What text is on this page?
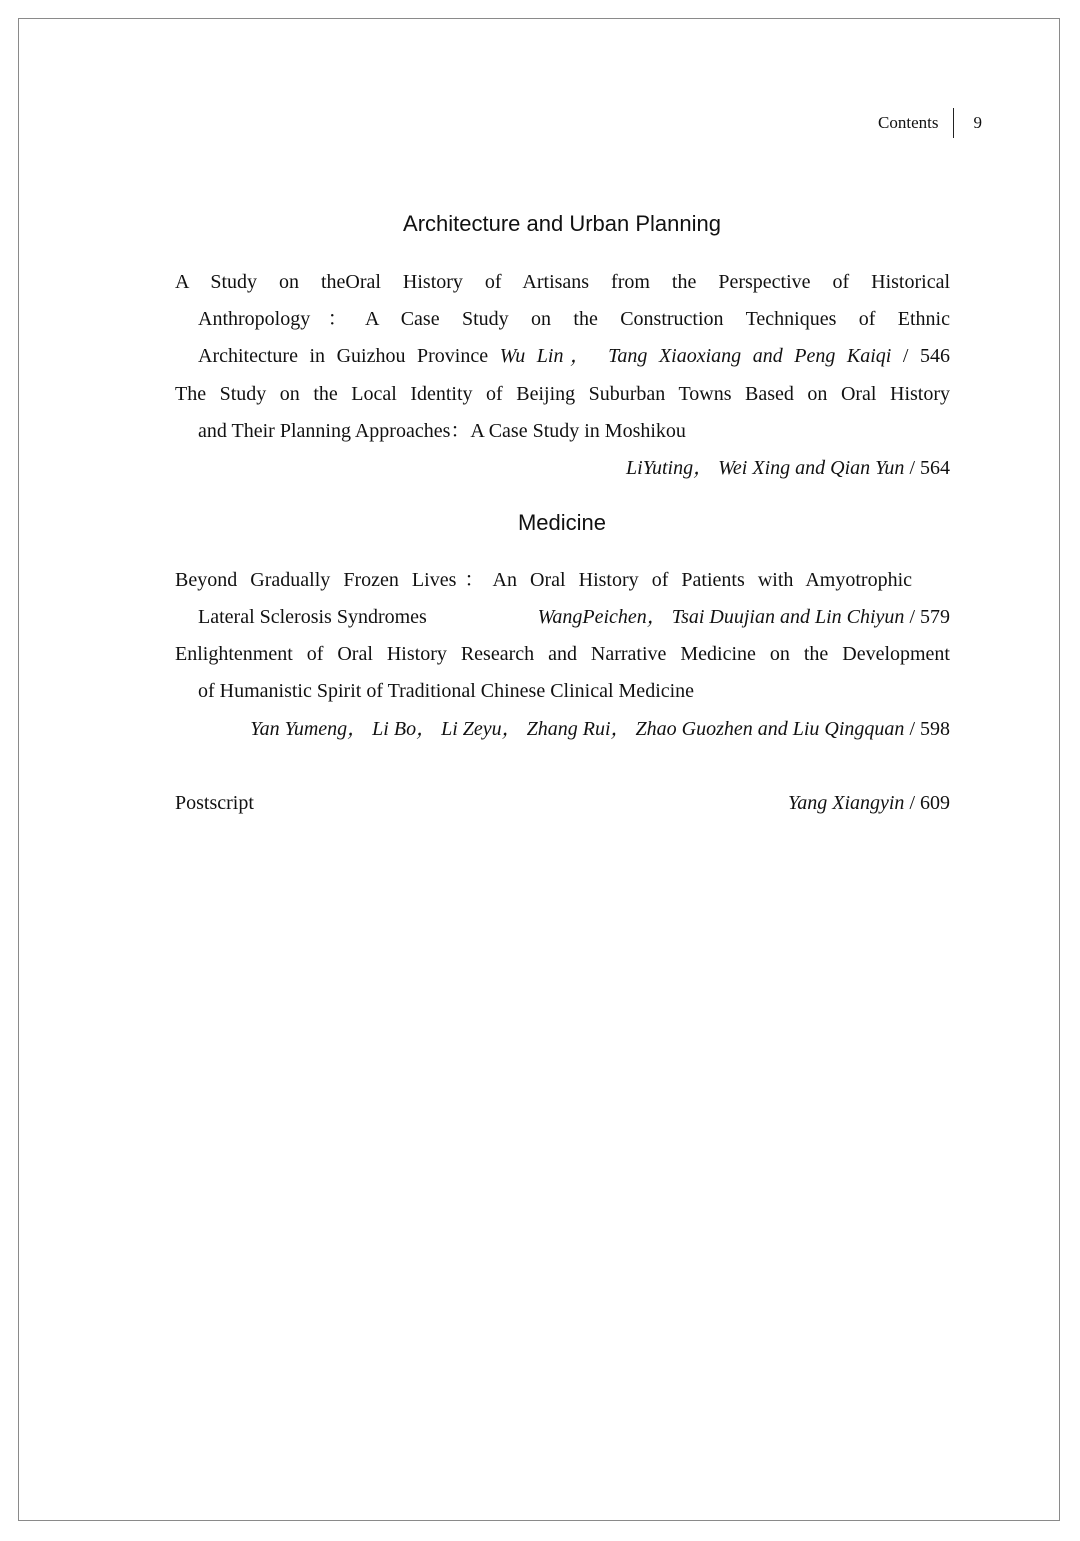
Contents	9
Architecture and Urban Planning
A Study on theOral History of Artisans from the Perspective of Historical
Anthropology：A Case Study on the Construction Techniques of Ethnic
Architecture in Guizhou Province Wu Lin， Tang Xiaoxiang and Peng Kaiqi / 546
The Study on the Local Identity of Beijing Suburban Towns Based on Oral History
and Their Planning Approaches：A Case Study in Moshikou
LiYuting， Wei Xing and Qian Yun / 564
Medicine
Beyond Gradually Frozen Lives：An Oral History of Patients with Amyotrophic
Lateral Sclerosis Syndromes	WangPeichen， Tsai Duujian and Lin Chiyun / 579
Enlightenment of Oral History Research and Narrative Medicine on the Development
of Humanistic Spirit of Traditional Chinese Clinical Medicine
Yan Yumeng， Li Bo， Li Zeyu， Zhang Rui， Zhao Guozhen and Liu Qingquan / 598
Postscript	Yang Xiangyin / 609
